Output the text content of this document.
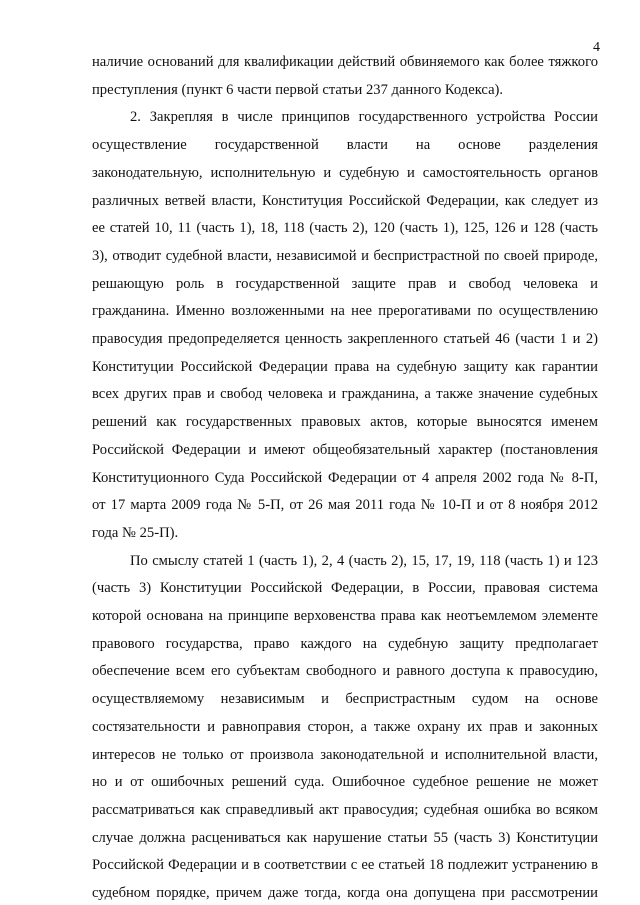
4
наличие оснований для квалификации действий обвиняемого как более тяжкого
преступления (пункт 6 части первой статьи 237 данного Кодекса).
2. Закрепляя в числе принципов государственного устройства России
осуществление государственной власти на основе разделения
законодательную, исполнительную и судебную и самостоятельность органов
различных ветвей власти, Конституция Российской Федерации, как следует из
ее статей 10, 11 (часть 1), 18, 118 (часть 2), 120 (часть 1), 125, 126 и 128 (часть
3), отводит судебной власти, независимой и беспристрастной по своей природе,
решающую роль в государственной защите прав и свобод человека и
гражданина. Именно возложенными на нее прерогативами по осуществлению
правосудия предопределяется ценность закрепленного статьей 46 (части 1 и 2)
Конституции Российской Федерации права на судебную защиту как гарантии
всех других прав и свобод человека и гражданина, а также значение судебных
решений как государственных правовых актов, которые выносятся именем
Российской Федерации и имеют общеобязательный характер (постановления
Конституционного Суда Российской Федерации от 4 апреля 2002 года № 8-П,
от 17 марта 2009 года № 5-П, от 26 мая 2011 года № 10-П и от 8 ноября 2012
года № 25-П).
По смыслу статей 1 (часть 1), 2, 4 (часть 2), 15, 17, 19, 118 (часть 1) и 123
(часть 3) Конституции Российской Федерации, в России, правовая система
которой основана на принципе верховенства права как неотъемлемом элементе
правового государства, право каждого на судебную защиту предполагает
обеспечение всем его субъектам свободного и равного доступа к правосудию,
осуществляемому независимым и беспристрастным судом на основе
состязательности и равноправия сторон, а также охрану их прав и законных
интересов не только от произвола законодательной и исполнительной власти,
но и от ошибочных решений суда. Ошибочное судебное решение не может
рассматриваться как справедливый акт правосудия; судебная ошибка во всяком
случае должна расцениваться как нарушение статьи 55 (часть 3) Конституции
Российской Федерации и в соответствии с ее статьей 18 подлежит устранению в
судебном порядке, причем даже тогда, когда она допущена при рассмотрении
